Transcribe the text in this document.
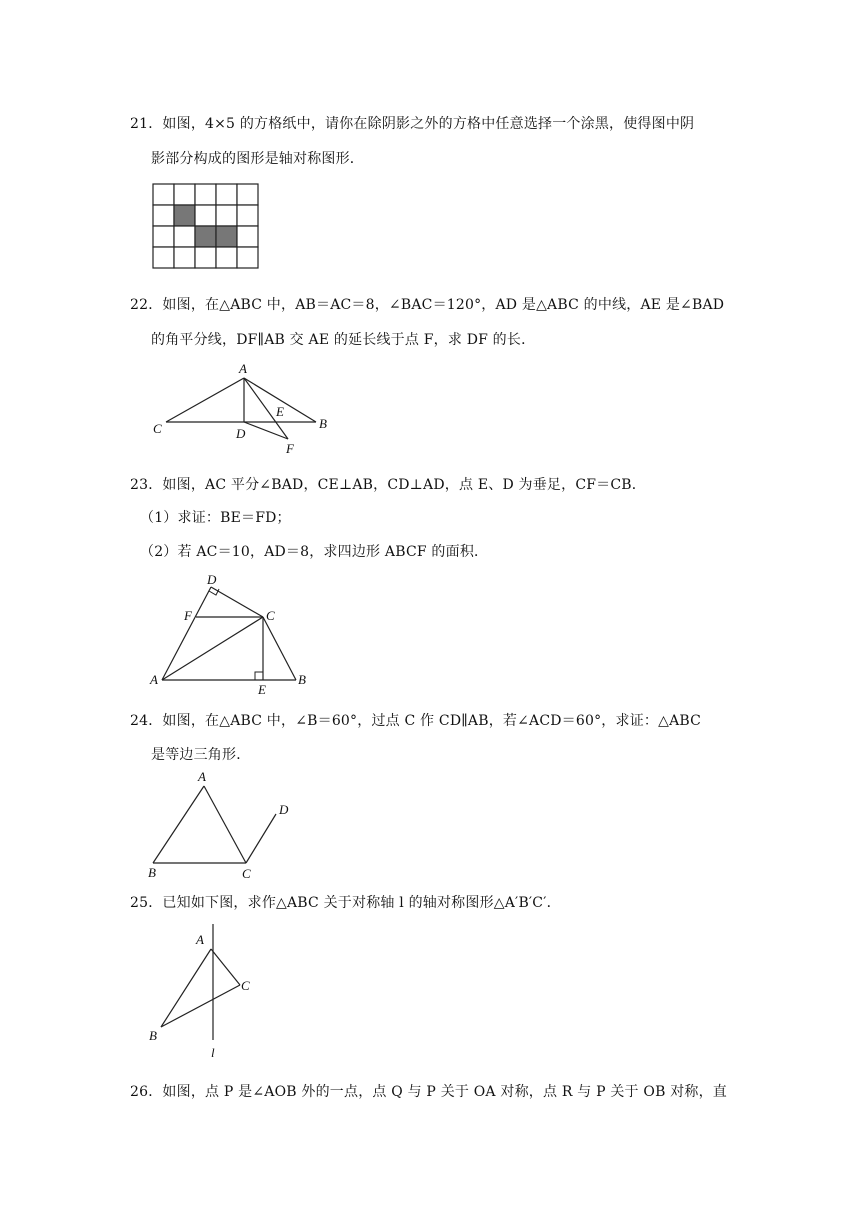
21．如图，4×5 的方格纸中，请你在除阴影之外的方格中任意选择一个涂黑，使得图中阴
影部分构成的图形是轴对称图形．
22．如图，在△ABC 中，AB＝AC＝8，∠BAC＝120°，AD 是△ABC 的中线，AE 是∠BAD
的角平分线，DF∥AB 交 AE 的延长线于点 F，求 DF 的长．
A
C	D
E
F
B
23．如图，AC 平分∠BAD，CE⊥AB，CD⊥AD，点 E、D 为垂足，CF＝CB．
（1）求证：BE＝FD；
（2）若 AC＝10，AD＝8，求四边形 ABCF 的面积．
D
F	C
A
E
B
24．如图，在△ABC 中，∠B＝60°，过点 C 作 CD∥AB，若∠ACD＝60°，求证：△ABC
是等边三角形．
A
D
B	C
25．已知如下图，求作△ABC 关于对称轴 l 的轴对称图形△A′B′C′．
A
C
B
l
26．如图，点 P 是∠AOB 外的一点，点 Q 与 P 关于 OA 对称，点 R 与 P 关于 OB 对称，直
